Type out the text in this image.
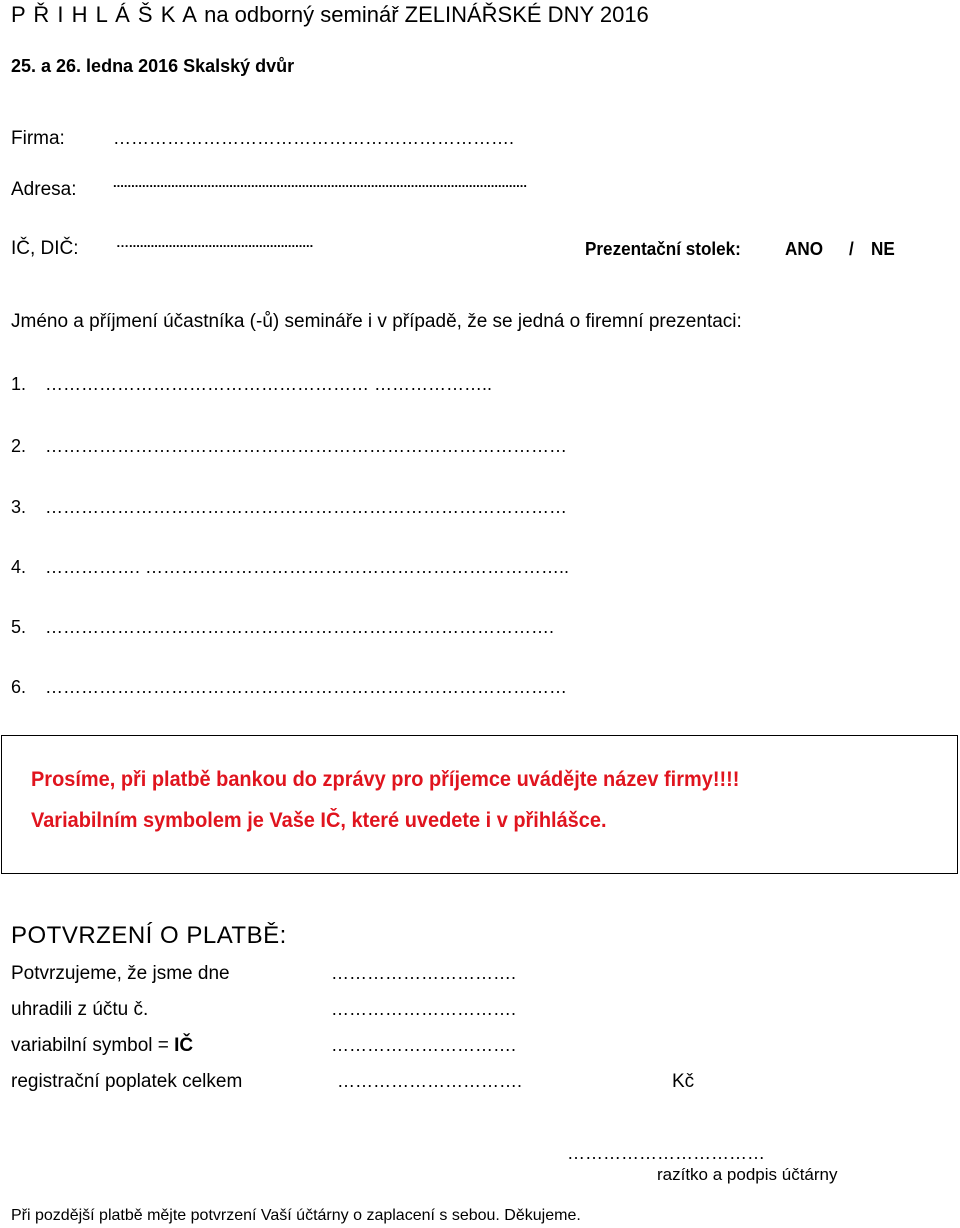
P Ř I H L Á Š K A na odborný seminář ZELINÁŘSKÉ DNY 2016
25. a 26. ledna 2016 Skalský dvůr
Firma:	………………………………………………………….
Adresa:	..................................................................................................................
IČ, DIČ:	…...................................................	Prezentační stolek: ANO / NE
Jméno a příjmení účastníka (-ů) semináře i v případě, že se jedná o firemní prezentaci:
1. ……………………………………………… ………………..
2. ……………………………………………………………………………
3. ……………………………………………………………………………
4. ……………. ……………………………………………………………..
5. ………………………………………………………………………….
6. ……………………………………………………………………………
Prosíme, při platbě bankou do zprávy pro příjemce uvádějte název firmy!!!!
Variabilním symbolem je Vaše IČ, které uvedete i v přihlášce.
POTVRZENÍ O PLATBĚ:
Potvrzujeme, že jsme dne	………………………….
uhradili z účtu č.	………………………….
variabilní symbol = IČ	………………………….
registrační poplatek celkem	………………………….	Kč
……………………………
razítko a podpis účtárny
Při pozdější platbě mějte potvrzení Vaší účtárny o zaplacení s sebou. Děkujeme.
